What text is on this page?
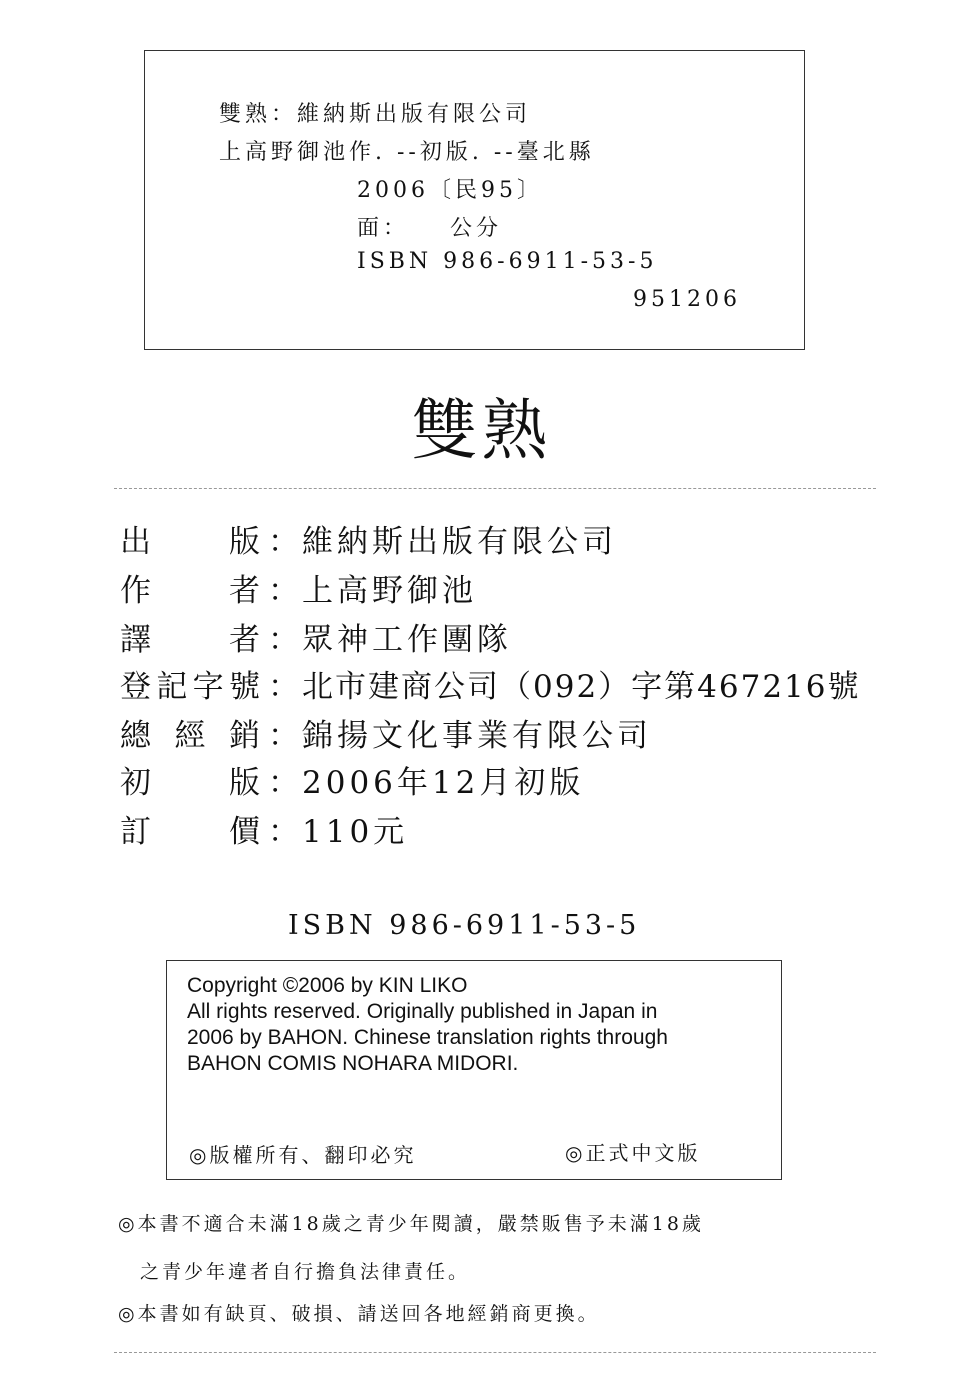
雙熟：維納斯出版有限公司
上高野御池作. --初版. --臺北縣
2006〔民95〕
面：　　公分
ISBN 986-6911-53-5
951206
雙熟
出	版 ： 維納斯出版有限公司
作	者 ： 上高野御池
譯	者 ： 眾神工作團隊
登 記 字 號 ： 北市建商公司（092）字第467216號
總 經 銷 ： 錦揚文化事業有限公司
初	版 ： 2006年12月初版
訂	價 ： 110元
ISBN 986-6911-53-5
Copyright ©2006 by KIN LIKO
All rights reserved. Originally published in Japan in
2006 by BAHON. Chinese translation rights through
BAHON COMIS NOHARA MIDORI.
◎版權所有、翻印必究	◎正式中文版
◎本書不適合未滿18歲之青少年閱讀，嚴禁販售予未滿18歲
之青少年違者自行擔負法律責任。
◎本書如有缺頁、破損、請送回各地經銷商更換。
